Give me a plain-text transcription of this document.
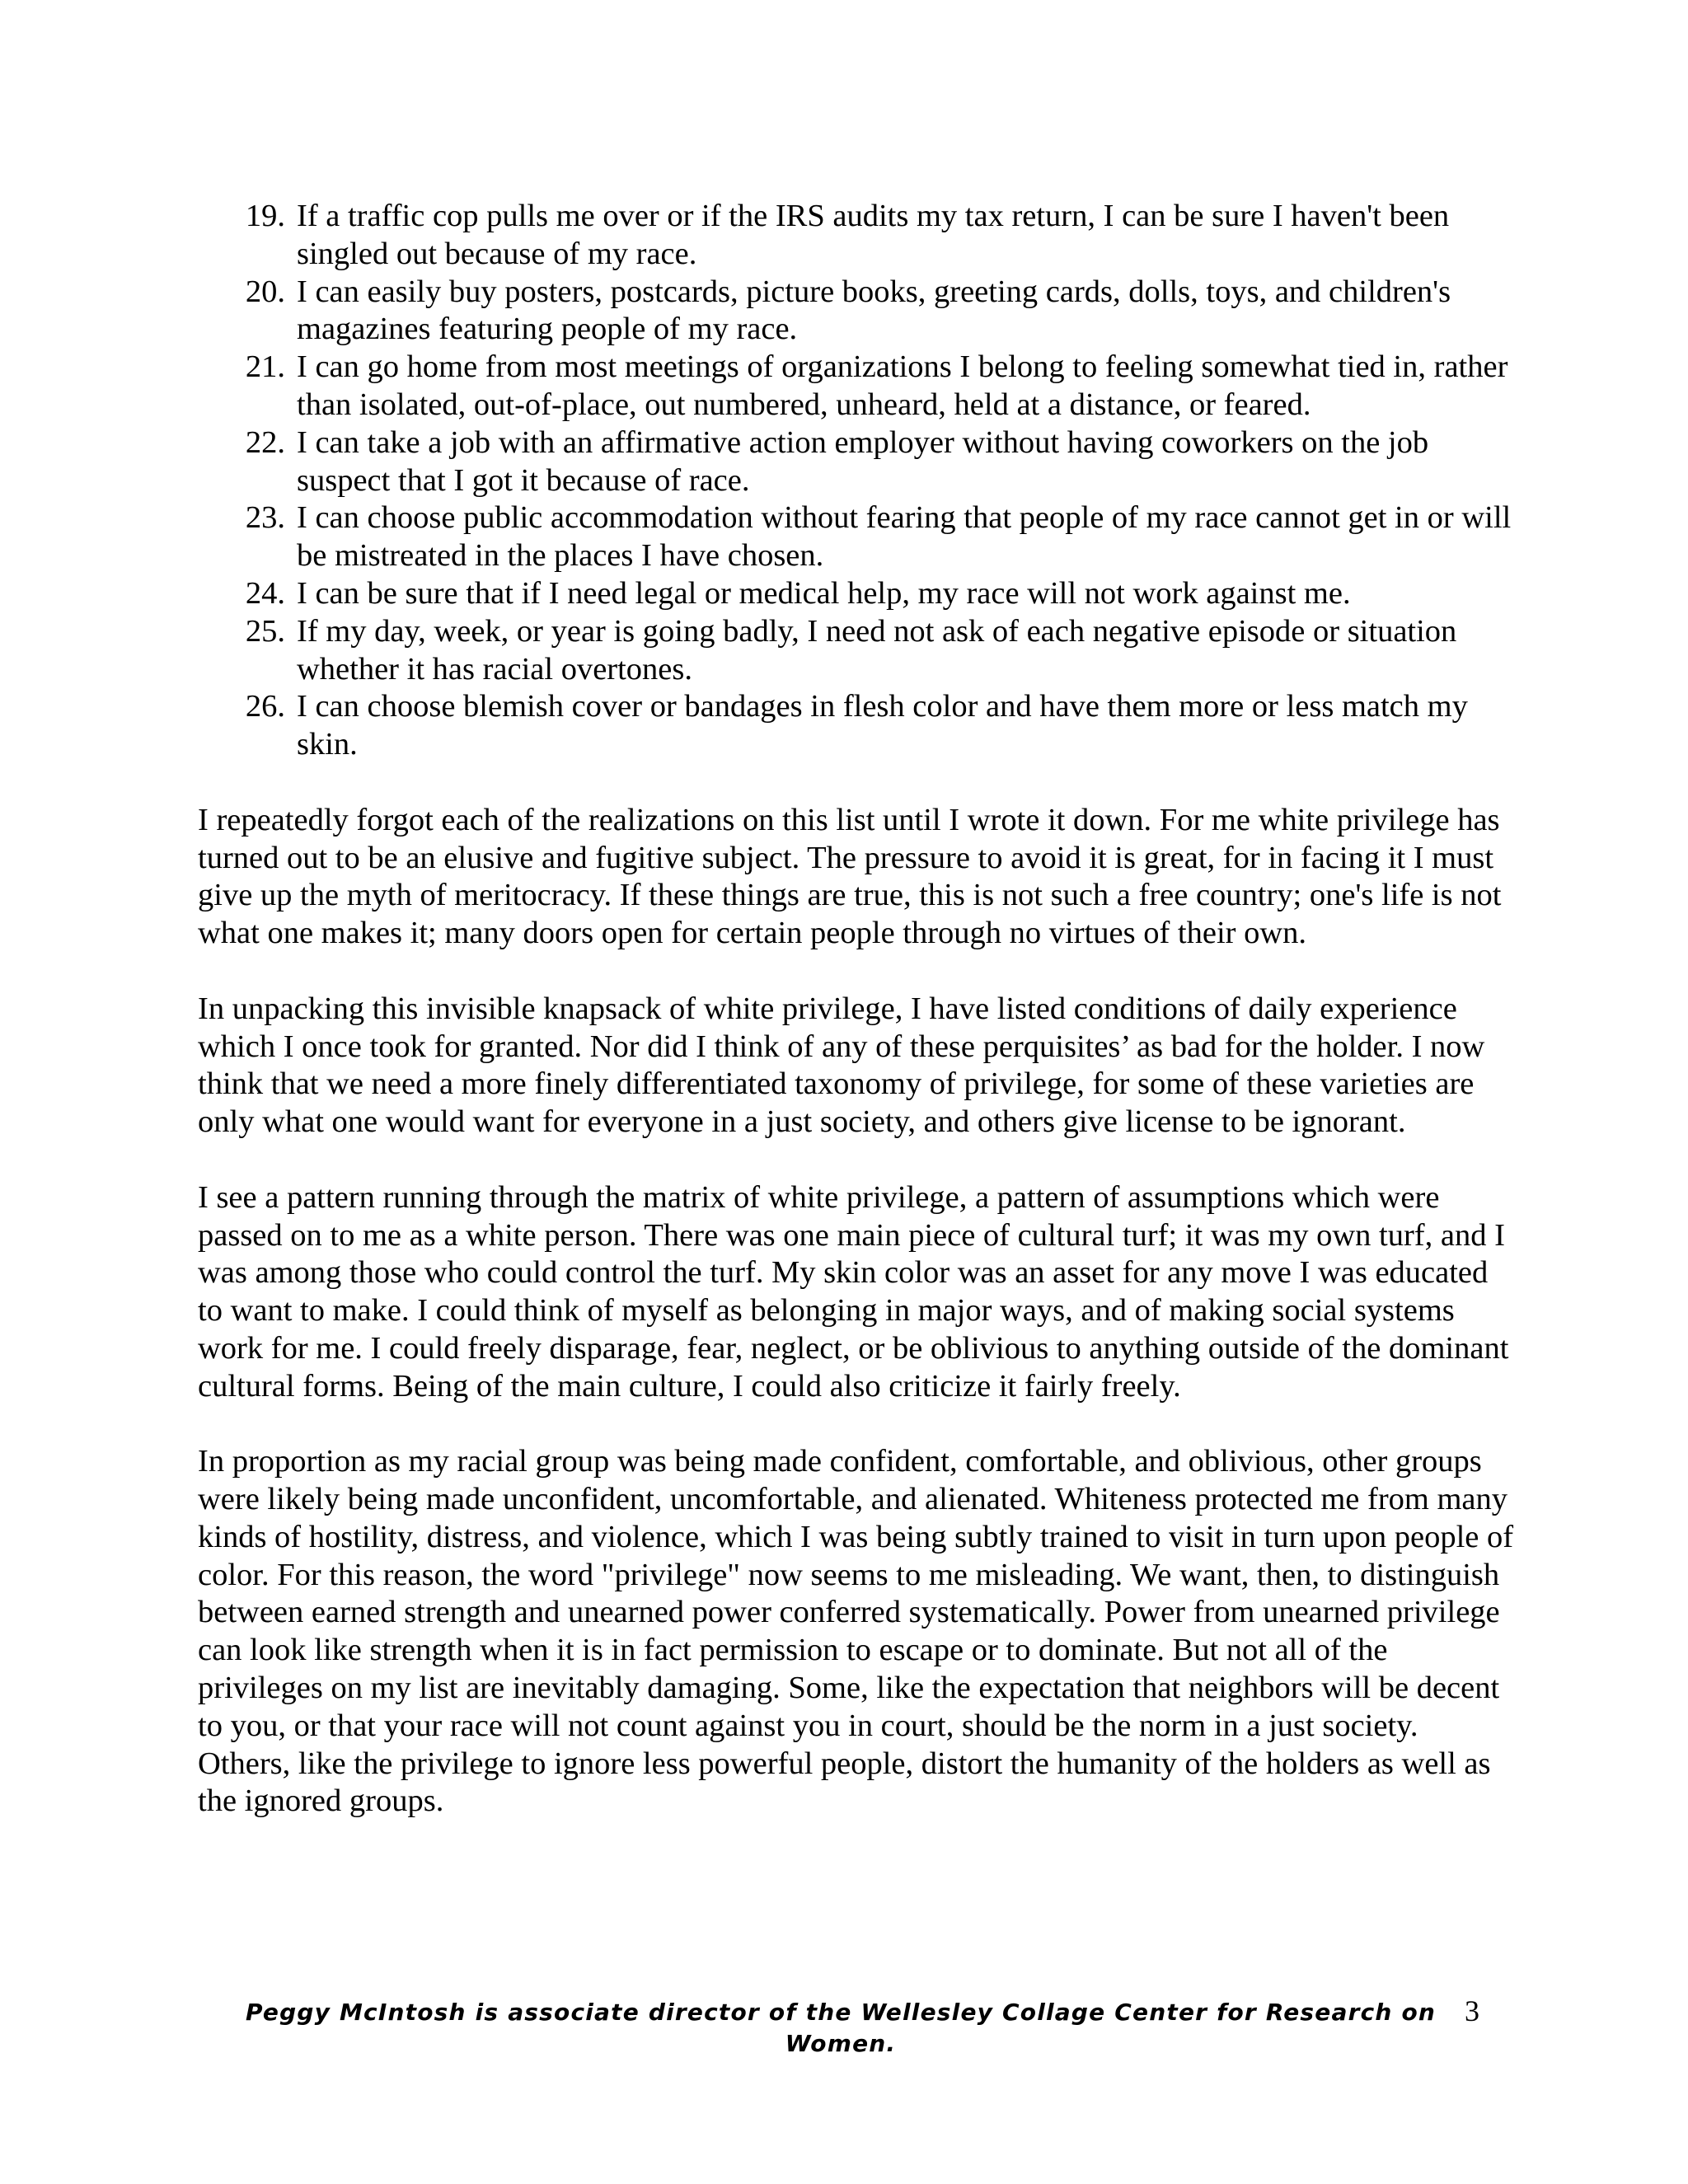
19. If a traffic cop pulls me over or if the IRS audits my tax return, I can be sure I haven't been singled out because of my race.
20. I can easily buy posters, postcards, picture books, greeting cards, dolls, toys, and children's magazines featuring people of my race.
21. I can go home from most meetings of organizations I belong to feeling somewhat tied in, rather than isolated, out-of-place, out numbered, unheard, held at a distance, or feared.
22. I can take a job with an affirmative action employer without having coworkers on the job suspect that I got it because of race.
23. I can choose public accommodation without fearing that people of my race cannot get in or will be mistreated in the places I have chosen.
24. I can be sure that if I need legal or medical help, my race will not work against me.
25. If my day, week, or year is going badly, I need not ask of each negative episode or situation whether it has racial overtones.
26. I can choose blemish cover or bandages in flesh color and have them more or less match my skin.

I repeatedly forgot each of the realizations on this list until I wrote it down. For me white privilege has turned out to be an elusive and fugitive subject. The pressure to avoid it is great, for in facing it I must give up the myth of meritocracy. If these things are true, this is not such a free country; one's life is not what one makes it; many doors open for certain people through no virtues of their own.

In unpacking this invisible knapsack of white privilege, I have listed conditions of daily experience which I once took for granted. Nor did I think of any of these perquisites’ as bad for the holder. I now think that we need a more finely differentiated taxonomy of privilege, for some of these varieties are only what one would want for everyone in a just society, and others give license to be ignorant.

I see a pattern running through the matrix of white privilege, a pattern of assumptions which were passed on to me as a white person. There was one main piece of cultural turf; it was my own turf, and I was among those who could control the turf. My skin color was an asset for any move I was educated to want to make. I could think of myself as belonging in major ways, and of making social systems work for me. I could freely disparage, fear, neglect, or be oblivious to anything outside of the dominant cultural forms. Being of the main culture, I could also criticize it fairly freely.

In proportion as my racial group was being made confident, comfortable, and oblivious, other groups were likely being made unconfident, uncomfortable, and alienated. Whiteness protected me from many kinds of hostility, distress, and violence, which I was being subtly trained to visit in turn upon people of color. For this reason, the word "privilege" now seems to me misleading. We want, then, to distinguish between earned strength and unearned power conferred systematically. Power from unearned privilege can look like strength when it is in fact permission to escape or to dominate. But not all of the privileges on my list are inevitably damaging. Some, like the expectation that neighbors will be decent to you, or that your race will not count against you in court, should be the norm in a just society. Others, like the privilege to ignore less powerful people, distort the humanity of the holders as well as the ignored groups.

Peggy McIntosh is associate director of the Wellesley Collage Center for Research on Women.
3
